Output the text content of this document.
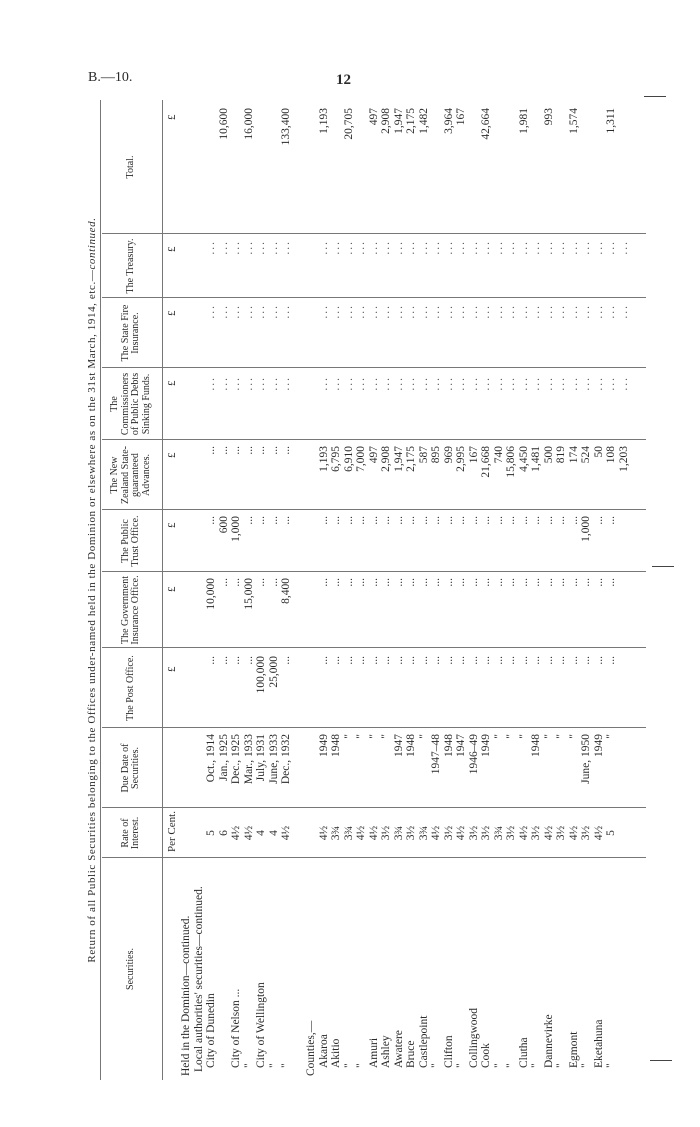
B.—10.	12
Return of all Public Securities belonging to the Offices under-named held in the Dominion or elsewhere as on the 31st March, 1914, etc.—continued.
Securities.
Rate of Interest.
Due Date of Securities.
The Post Office.
The Government Insurance Office.
The Public Trust Office.
The New Zealand State-guaranteed Advances.
The Commissioners of Public Debts Sinking Funds.
The State Fire Insurance.
The Treasury.
Total.
Per Cent.
£
£
£
£
£
£
£
£
Held in the Dominion—continued. Local authorities' securities—continued. City of Dunedin City of Nelson ... " City of Wellington " " Counties,— Akaroa Akitio " " Amuri Ashley Awatere Bruce Castlepoint " Clifton " Collingwood Cook " " Clutha " Dannevirke " Egmont " Eketahuna "
5 6 4½ 4½ 4 4 4½ 4½ 3¾ 3¾ 4½ 4½ 3½ 3¾ 3½ 3¾ 4½ 3½ 4½ 3½ 3½ 3¾ 3½ 4½ 3½ 4½ 3½ 4½ 3½ 4½ 5
Oct., 1914 Jan., 1925 Dec., 1925 Mar., 1933 July, 1931 June, 1933 Dec., 1932 1949 1948 " " " " 1947 1948 " 1947–48 1948 1947 1946–49 1949 " " " 1948 " " " June, 1950 1949 "
... ... ... ... 100,000 25,000 ... ... ... ... ... ... ... ... ... ... ... ... ... ... ... ... ... ... ... ... ... ... ... ... ...
10,000 ... ... 15,000 ... ... 8,400 ... ... ... ... ... ... ... ... ... ... ... ... ... ... ... ... ... ... ... ... ... ... ... ...
... 600 1,000 ... ... ... ... ... ... ... ... ... ... ... ... ... ... ... ... ... ... ... ... ... ... ... ... ... 1,000 ... ...
... ... ... ... ... ... ... 1,193 6,795 6,910 7,000 497 2,908 1,947 2,175 587 895 969 2,995 167 21,668 740 15,806 4,450 1,481 500 819 174 524 50 108 1,203
... ... ... ... ... ... ... ... ... ... ... ... ... ... ... ... ... ... ... ... ... ... ... ... ... ... ... ... ... ... ... ...
... ... ... ... ... ... ... ... ... ... ... ... ... ... ... ... ... ... ... ... ... ... ... ... ... ... ... ... ... ... ... ...
... ... ... ... ... ... ... ... ... ... ... ... ... ... ... ... ... ... ... ... ... ... ... ... ... ... ... ... ... ... ... ...
10,600 16,000 133,400 1,193 20,705 497 2,908 1,947 2,175 1,482 3,964 167 42,664 1,981 993 1,574 1,311
